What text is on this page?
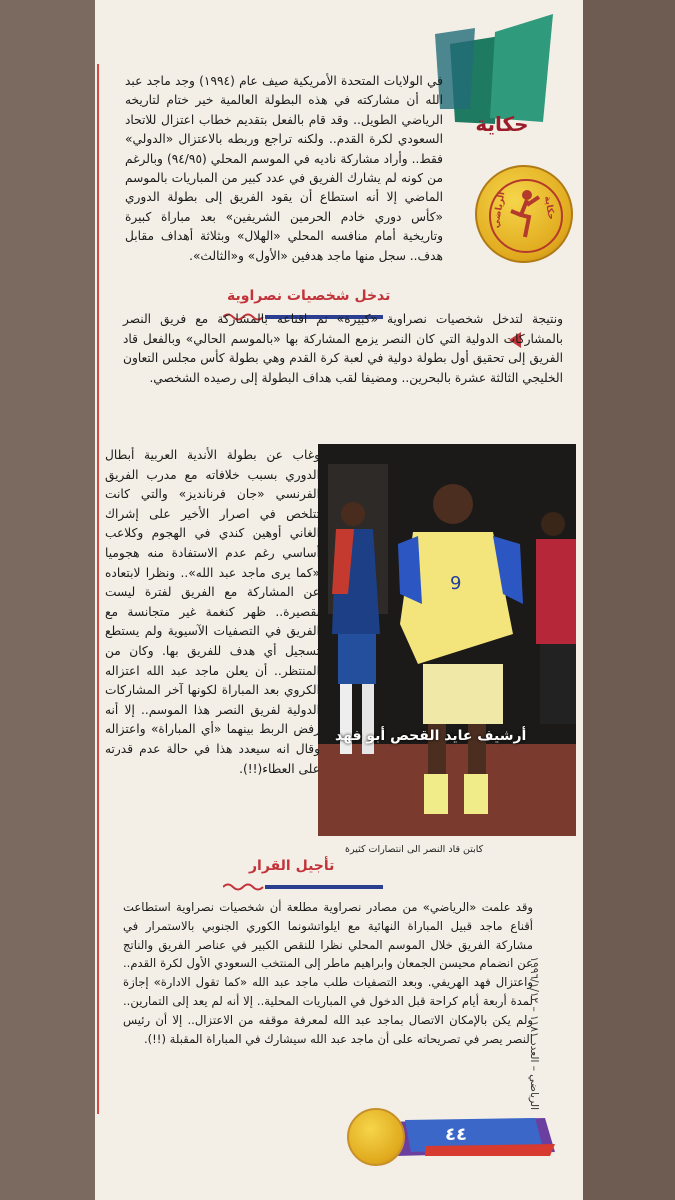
حكاية
الرياضي	حكاية
في الولايات المتحدة الأمريكية صيف عام (١٩٩٤) وجد ماجد عبد الله أن مشاركته في هذه البطولة العالمية خير ختام لتاريخه الرياضي الطويل.. وقد قام بالفعل بتقديم خطاب اعتزال للاتحاد السعودي لكرة القدم.. ولكنه تراجع وربطه بالاعتزال «الدولي» فقط.. وأراد مشاركة ناديه في الموسم المحلي (٩٤/٩٥) وبالرغم من كونه لم يشارك الفريق في عدد كبير من المباريات بالموسم الماضي إلا أنه استطاع أن يقود الفريق إلى بطولة الدوري «كأس دوري خادم الحرمين الشريفين» بعد مباراة كبيرة وتاريخية أمام منافسه المحلي «الهلال» وبثلاثة أهداف مقابل هدف.. سجل منها ماجد هدفين «الأول» و«الثالث».
تدخل شخصيات نصراوية
ونتيجة لتدخل شخصيات نصراوية «كبيرة» تم اقناعه بالمشاركة مع فريق النصر بالمشاركات الدولية التي كان النصر يزمع المشاركة بها «بالموسم الحالي» وبالفعل قاد الفريق إلى تحقيق أول بطولة دولية في لعبة كرة القدم وهي بطولة كأس مجلس التعاون الخليجي الثالثة عشرة بالبحرين.. ومضيفا لقب هداف البطولة إلى رصيده الشخصي.
9
أرشيف عايد القحص أبو فهد
كابتن قاد النصر الى انتصارات كثيرة
وغاب عن بطولة الأندية العربية أبطال الدوري بسبب خلافاته مع مدرب الفريق الفرنسي «جان فرنانديز» والتي كانت تتلخص في اصرار الأخير على إشراك الغاني أوهين كندي في الهجوم وكلاعب أساسي رغم عدم الاستفادة منه هجوميا «كما يرى ماجد عبد الله».. ونظرا لابتعاده عن المشاركة مع الفريق لفترة ليست بقصيرة.. ظهر كنغمة غير متجانسة مع الفريق في التصفيات الآسيوية ولم يستطع تسجيل أي هدف للفريق بها. وكان من المنتظر.. أن يعلن ماجد عبد الله اعتزاله الكروي بعد المباراة لكونها آخر المشاركات الدولية لفريق النصر هذا الموسم.. إلا أنه رفض الربط بينهما «أي المباراة» واعتزاله وقال انه سيعدد هذا في حالة عدم قدرته على العطاء(!!).
تأجيل القرار
وقد علمت «الرياضي» من مصادر نصراوية مطلعة أن شخصيات نصراوية استطاعت أقناع ماجد قبيل المباراة النهائية مع ايلواتشونما الكوري الجنوبي بالاستمرار في مشاركة الفريق خلال الموسم المحلي نظرا للنقص الكبير في عناصر الفريق والناتج عن انضمام محيسن الجمعان وابراهيم ماطر إلى المنتخب السعودي الأول لكرة القدم.. واعتزال فهد الهريفي. وبعد التصفيات طلب ماجد عبد الله «كما تقول الادارة» إجازة لمدة أربعة أيام كراحة قبل الدخول في المباريات المحلية.. إلا أنه لم يعد إلى التمارين.. ولم يكن بالإمكان الاتصال بماجد عبد الله لمعرفة موقفه من الاعتزال.. إلا أن رئيس النصر يصر في تصريحاته على أن ماجد عبد الله سيشارك في المباراة المقبلة (!!).
الرياضي – العدد ١١٨١ – ١٩٩٦/١/١٢
٤٤
